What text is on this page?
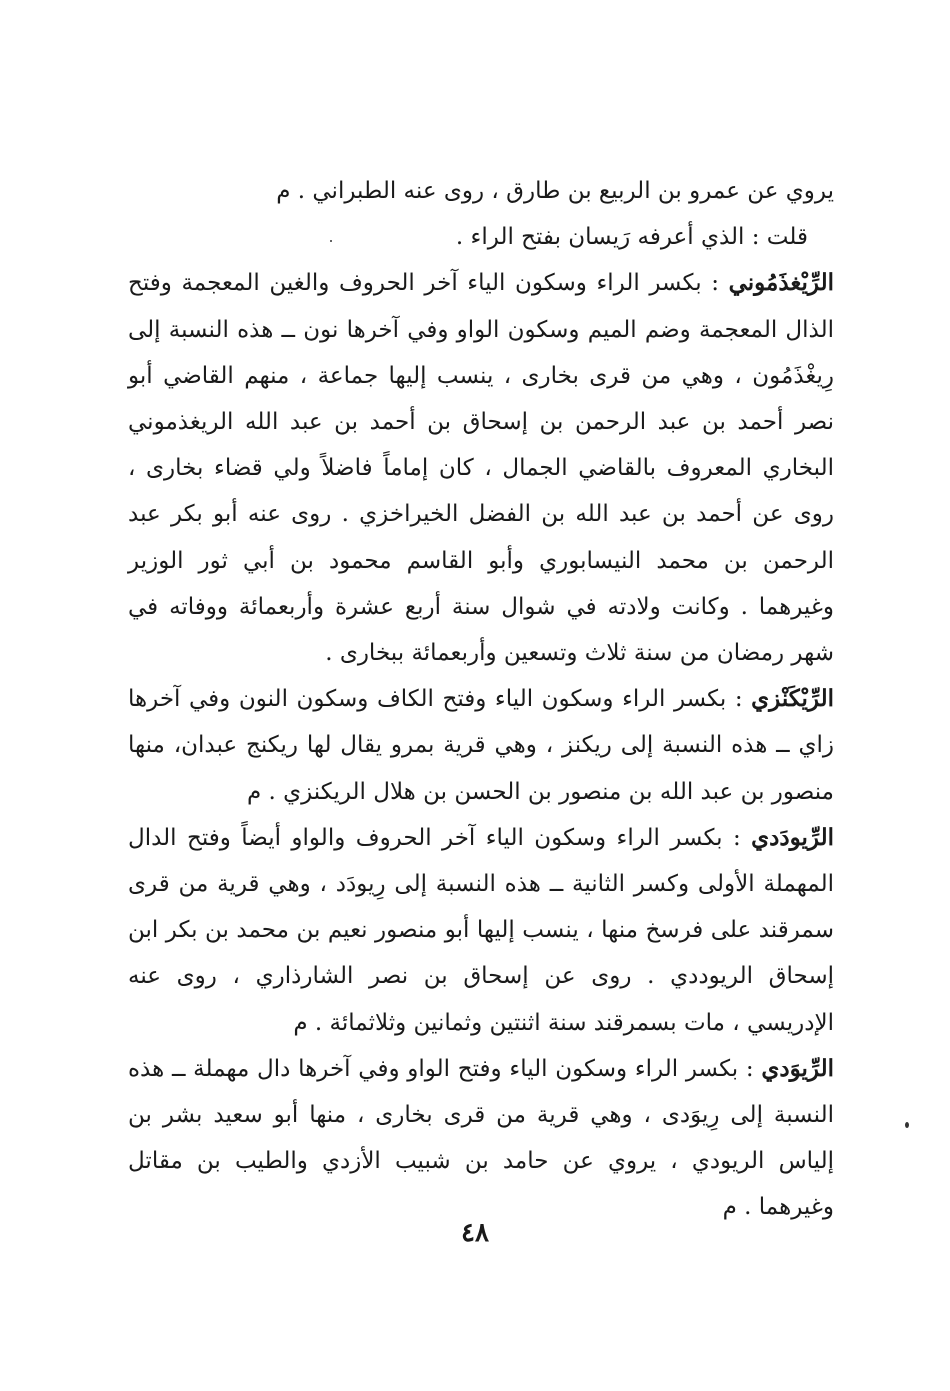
يروي عن عمرو بن الربيع بن طارق ، روى عنه الطبراني . م

قلت : الذي أعرفه رَيسان بفتح الراء .

الرِّيْغذَمُوني : بكسر الراء وسكون الياء آخر الحروف والغين المعجمة وفتح الذال المعجمة وضم الميم وسكون الواو وفي آخرها نون ــ هذه النسبة إلى رِيغْذَمُون ، وهي من قرى بخارى ، ينسب إليها جماعة ، منهم القاضي أبو نصر أحمد بن عبد الرحمن بن إسحاق بن أحمد بن عبد الله الريغذموني البخاري المعروف بالقاضي الجمال ، كان إماماً فاضلاً ولي قضاء بخارى ، روى عن أحمد بن عبد الله بن الفضل الخيراخزي . روى عنه أبو بكر عبد الرحمن بن محمد النيسابوري وأبو القاسم محمود بن أبي ثور الوزير وغيرهما . وكانت ولادته في شوال سنة أربع عشرة وأربعمائة ووفاته في شهر رمضان من سنة ثلاث وتسعين وأربعمائة ببخارى .

الرِّيْكَنْزي : بكسر الراء وسكون الياء وفتح الكاف وسكون النون وفي آخرها زاي ــ هذه النسبة إلى ريكنز ، وهي قرية بمرو يقال لها ريكنج عبدان، منها منصور بن عبد الله بن منصور بن الحسن بن هلال الريكنزي . م

الرِّيودَدي : بكسر الراء وسكون الياء آخر الحروف والواو أيضاً وفتح الدال المهملة الأولى وكسر الثانية ــ هذه النسبة إلى رِيودَد ، وهي قرية من قرى سمرقند على فرسخ منها ، ينسب إليها أبو منصور نعيم بن محمد بن بكر ابن إسحاق الريوددي . روى عن إسحاق بن نصر الشارذاري ، روى عنه الإدريسي ، مات بسمرقند سنة اثنتين وثمانين وثلاثمائة . م

الرِّيوَدي : بكسر الراء وسكون الياء وفتح الواو وفي آخرها دال مهملة ــ هذه النسبة إلى رِيوَدى ، وهي قرية من قرى بخارى ، منها أبو سعيد بشر بن إلياس الريودي ، يروي عن حامد بن شبيب الأزدي والطيب بن مقاتل وغيرهما . م

٤٨
